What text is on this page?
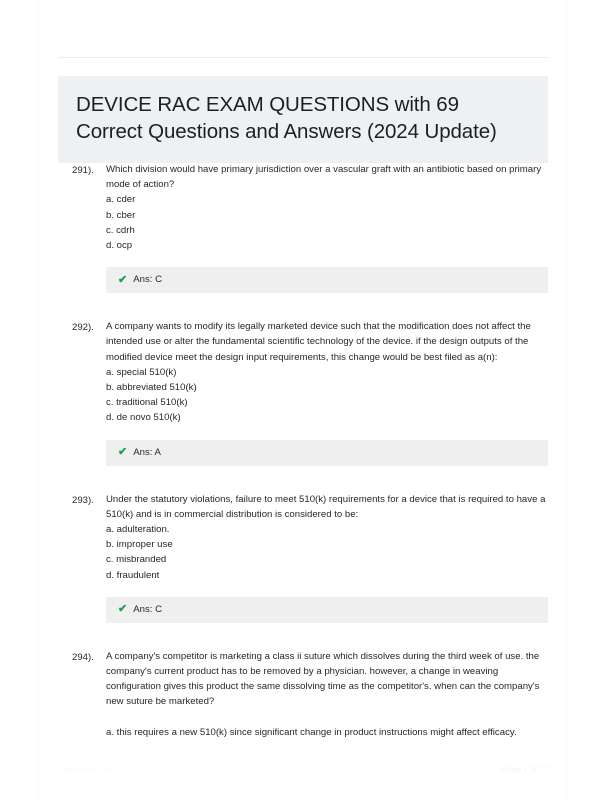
DEVICE RAC EXAM QUESTIONS with 69 Correct Questions and Answers (2024 Update)
291).	Which division would have primary jurisdiction over a vascular graft with an antibiotic based on primary mode of action?

a. cder
b. cber
c. cdrh
d. ocp
✔ Ans: C
292).	A company wants to modify its legally marketed device such that the modification does not affect the intended use or alter the fundamental scientific technology of the device. if the design outputs of the modified device meet the design input requirements, this change would be best filed as a(n):

a. special 510(k)
b. abbreviated 510(k)
c. traditional 510(k)
d. de novo 510(k)
✔ Ans: A
293).	Under the statutory violations, failure to meet 510(k) requirements for a device that is required to have a 510(k) and is in commercial distribution is considered to be:

a. adulteration.
b. improper use
c. misbranded
d. fraudulent
✔ Ans: C
294).	A company's competitor is marketing a class ii suture which dissolves during the third week of use. the company's current product has to be removed by a physician. however, a change in weaving configuration gives this product the same dissolving time as the competitor's. when can the company's new suture be marketed?

a. this requires a new 510(k) since significant change in product instructions might affect efficacy.
PaperStlic.com	Page 1 of 17
